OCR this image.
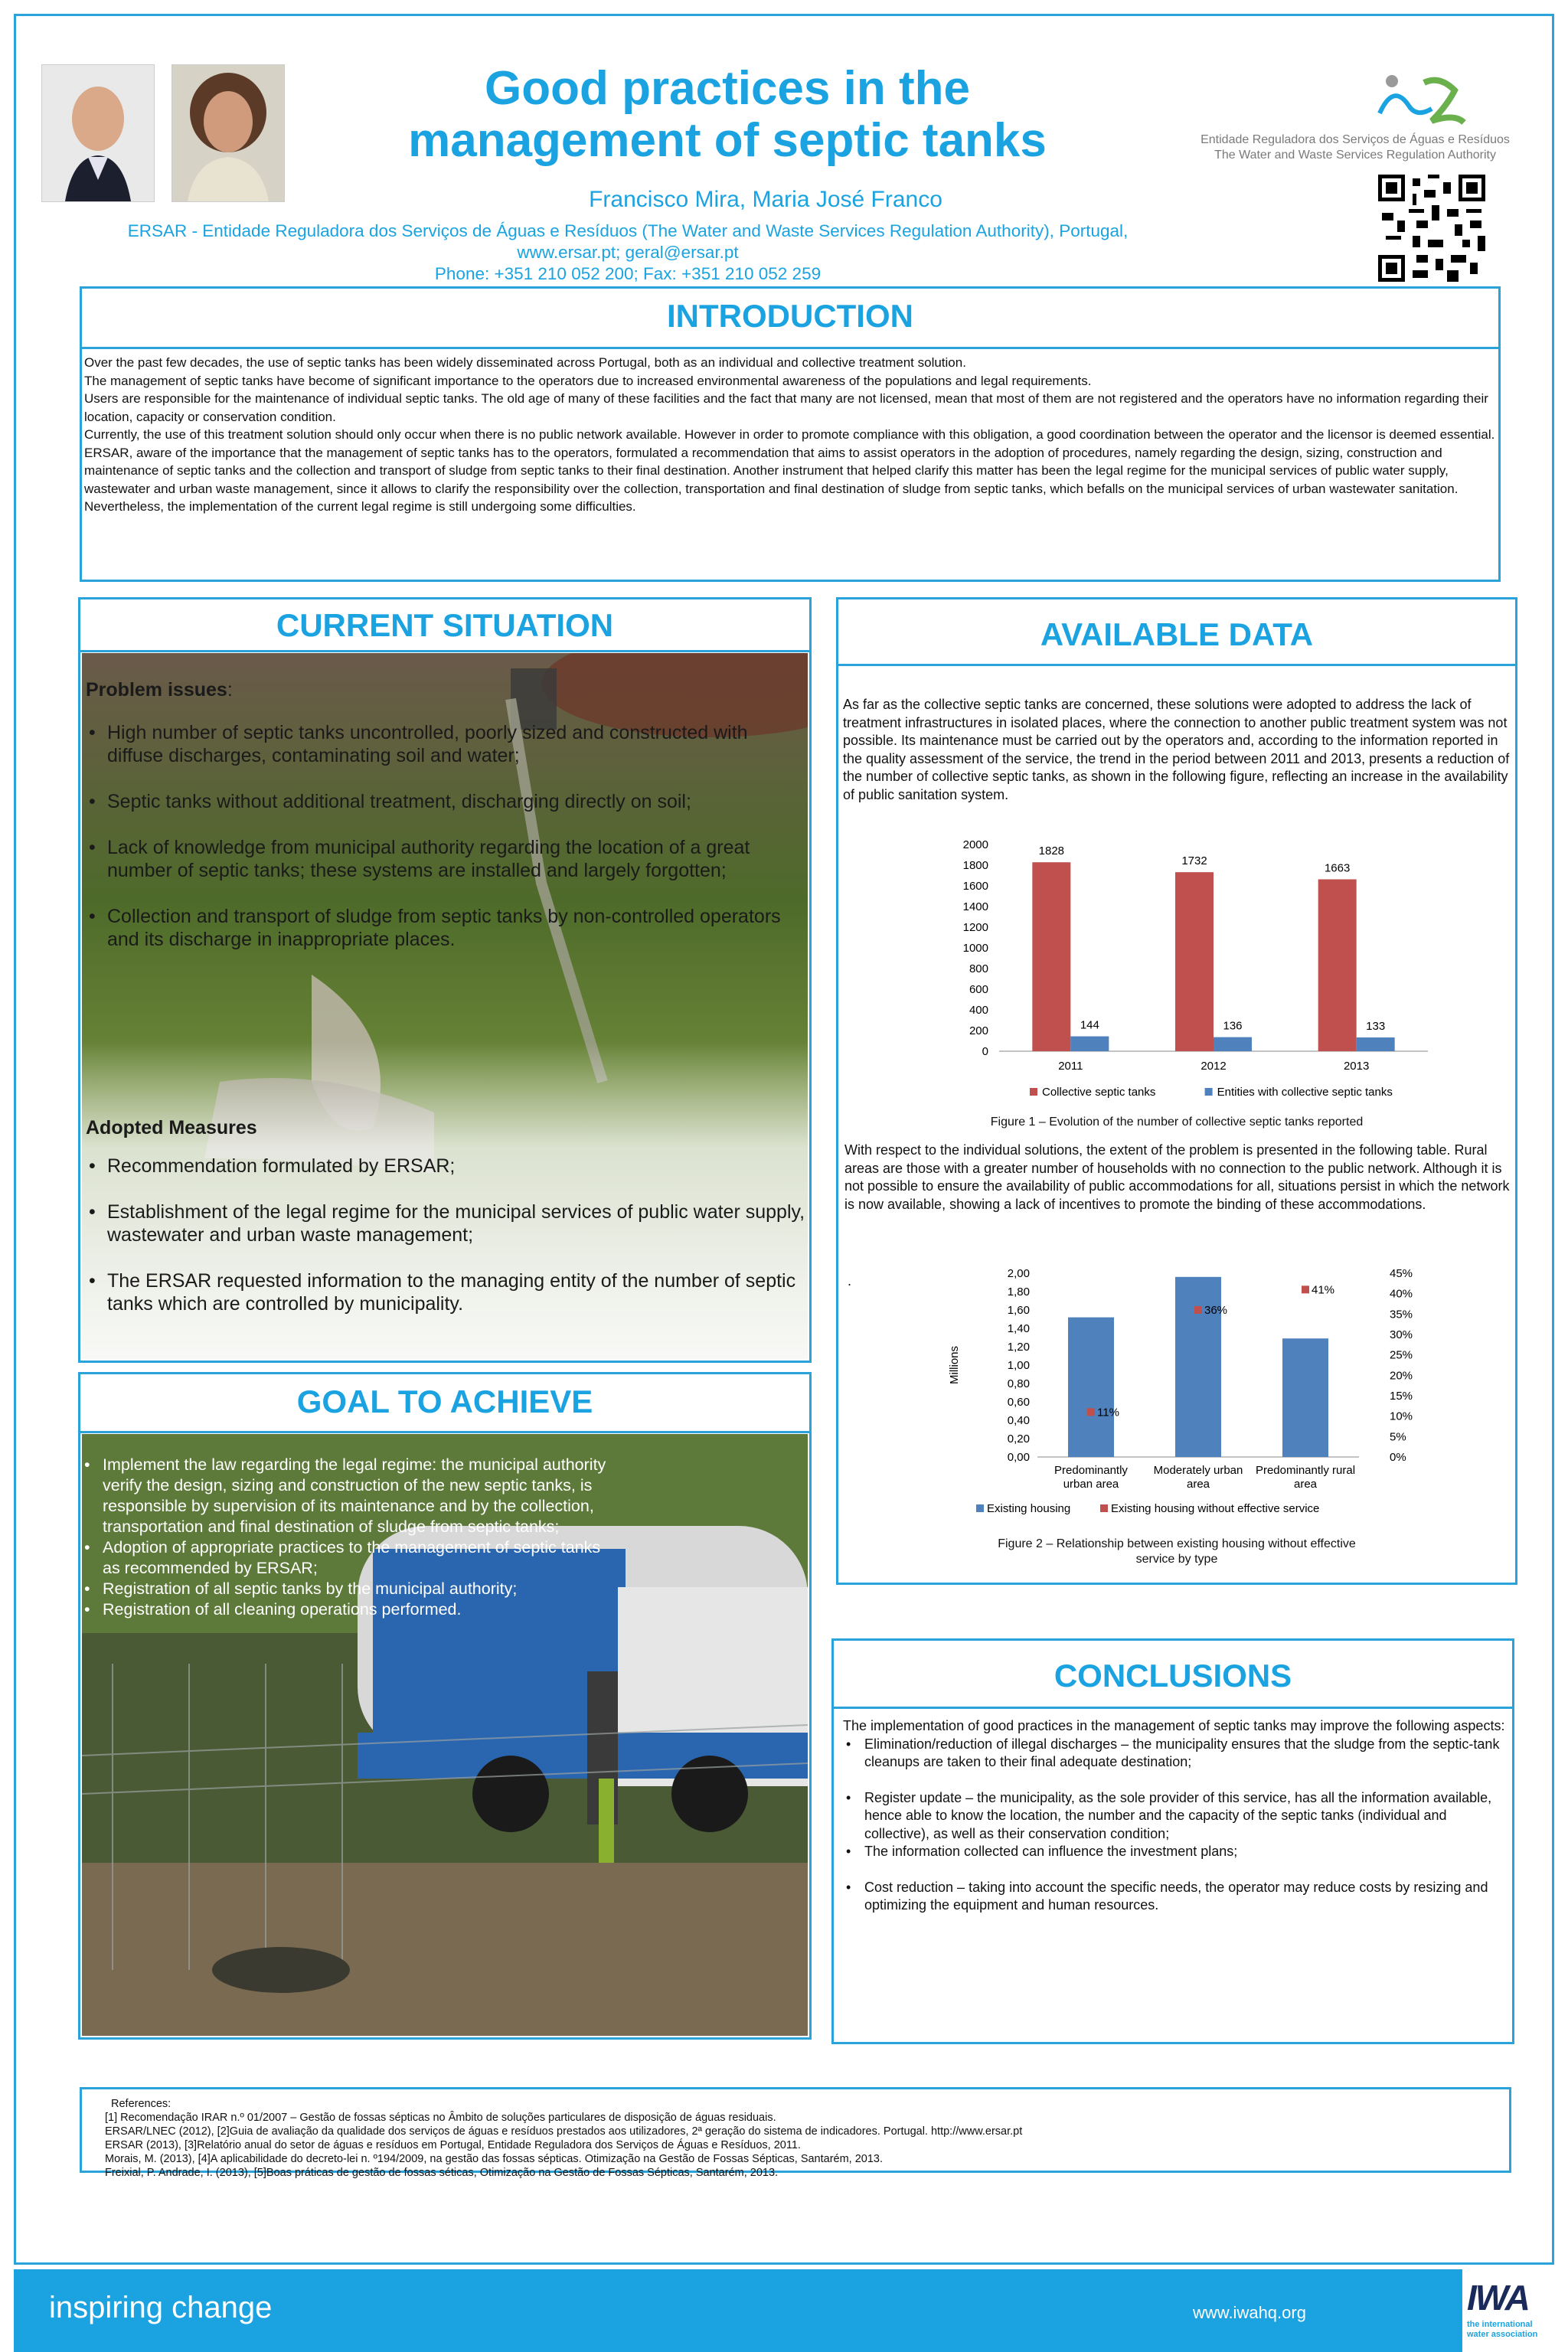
Good practices in the
management of septic tanks
Francisco Mira, Maria José Franco
ERSAR - Entidade Reguladora dos Serviços de Águas e Resíduos (The Water and Waste Services Regulation Authority), Portugal,
www.ersar.pt; geral@ersar.pt
Phone: +351 210 052 200; Fax: +351 210 052 259
Entidade Reguladora dos Serviços de Águas e Resíduos
The Water and Waste Services Regulation Authority
INTRODUCTION
Over the past few decades, the use of septic tanks has been widely disseminated across Portugal, both as an individual and collective treatment solution.
The management of septic tanks have become of significant importance to the operators due to increased environmental awareness of the populations and legal requirements.
Users are responsible for the maintenance of individual septic tanks. The old age of many of these facilities and the fact that many are not licensed, mean that most of them are not registered and the operators have no information regarding their location, capacity or conservation condition.
Currently, the use of this treatment solution should only occur when there is no public network available. However in order to promote compliance with this obligation, a good coordination between the operator and the licensor is deemed essential.
ERSAR, aware of the importance that the management of septic tanks has to the operators, formulated a recommendation that aims to assist operators in the adoption of procedures, namely regarding the design, sizing, construction and maintenance of septic tanks and the collection and transport of sludge from septic tanks to their final destination. Another instrument that helped clarify this matter has been the legal regime for the municipal services of public water supply, wastewater and urban waste management, since it allows to clarify the responsibility over the collection, transportation and final destination of sludge from septic tanks, which befalls on the municipal services of urban wastewater sanitation. Nevertheless, the implementation of the current legal regime is still undergoing some difficulties.
CURRENT SITUATION
Problem issues:
• High number of septic tanks uncontrolled, poorly sized and constructed with diffuse discharges, contaminating soil and water;
• Septic tanks without additional treatment, discharging directly on soil;
• Lack of knowledge from municipal authority regarding the location of a great number of septic tanks; these systems are installed and largely forgotten;
• Collection and transport of sludge from septic tanks by non-controlled operators and its discharge in inappropriate places.
Adopted Measures
• Recommendation formulated by ERSAR;
• Establishment of the legal regime for the municipal services of public water supply, wastewater and urban waste management;
• The ERSAR requested information to the managing entity of the number of septic tanks which are controlled by municipality.
GOAL TO ACHIEVE
• Implement the law regarding the legal regime: the municipal authority verify the design, sizing and construction of the new septic tanks, is responsible by supervision of its maintenance and by the collection, transportation and final destination of sludge from septic tanks;
• Adoption of appropriate practices to the management of septic tanks as recommended by ERSAR;
• Registration of all septic tanks by the municipal authority;
• Registration of all cleaning operations performed.
AVAILABLE DATA
As far as the collective septic tanks are concerned, these solutions were adopted to address the lack of treatment infrastructures in isolated places, where the connection to another public treatment system was not possible. Its maintenance must be carried out by the operators and, according to the information reported in the quality assessment of the service, the trend in the period between 2011 and 2013, presents a reduction of the number of collective septic tanks, as shown in the following figure, reflecting an increase in the availability of public sanitation system.
0
200
400
600
800
1000
1200
1400
1600
1800
2000	1828
144
2011
1732
136
2012
1663
133
2013
Collective septic tanks	Entities with collective septic tanks
Figure 1 – Evolution of the number of collective septic tanks reported
With respect to the individual solutions, the extent of the problem is presented in the following table. Rural areas are those with a greater number of households with no connection to the public network. Although it is not possible to ensure the availability of public accommodations for all, situations persist in which the network is now available, showing a lack of incentives to promote the binding of these accommodations.
.
0,00
0,20
0,40
0,60
0,80
1,00
1,20
1,40
1,60
1,80
2,00
0%
5%
10%
15%
20%
25%
30%
35%
40%
45%
Millions
11%
Predominantly
urban area
36%
Moderately urban
area
41%
Predominantly rural
area
Existing housing	Existing housing without effective service
Figure 2 – Relationship between existing housing without effective
service by type
CONCLUSIONS
The implementation of good practices in the management of septic tanks may improve the following aspects:
• Elimination/reduction of illegal discharges – the municipality ensures that the sludge from the septic-tank cleanups are taken to their final adequate destination;
• Register update – the municipality, as the sole provider of this service, has all the information available, hence able to know the location, the number and the capacity of the septic tanks (individual and collective), as well as their conservation condition;
• The information collected can influence the investment plans;
• Cost reduction – taking into account the specific needs, the operator may reduce costs by resizing and optimizing the equipment and human resources.
References:
[1] Recomendação IRAR n.º 01/2007 – Gestão de fossas sépticas no Âmbito de soluções particulares de disposição de águas residuais.
ERSAR/LNEC (2012), [2]Guia de avaliação da qualidade dos serviços de águas e resíduos prestados aos utilizadores, 2ª geração do sistema de indicadores. Portugal. http://www.ersar.pt
ERSAR (2013), [3]Relatório anual do setor de águas e resíduos em Portugal, Entidade Reguladora dos Serviços de Águas e Resíduos, 2011.
Morais, M. (2013), [4]A aplicabilidade do decreto-lei n. º194/2009, na gestão das fossas sépticas. Otimização na Gestão de Fossas Sépticas, Santarém, 2013.
Freixial, P. Andrade, I. (2013), [5]Boas práticas de gestão de fossas séticas, Otimização na Gestão de Fossas Sépticas, Santarém, 2013.
inspiring change	www.iwahq.org	IWA
the international
water association
